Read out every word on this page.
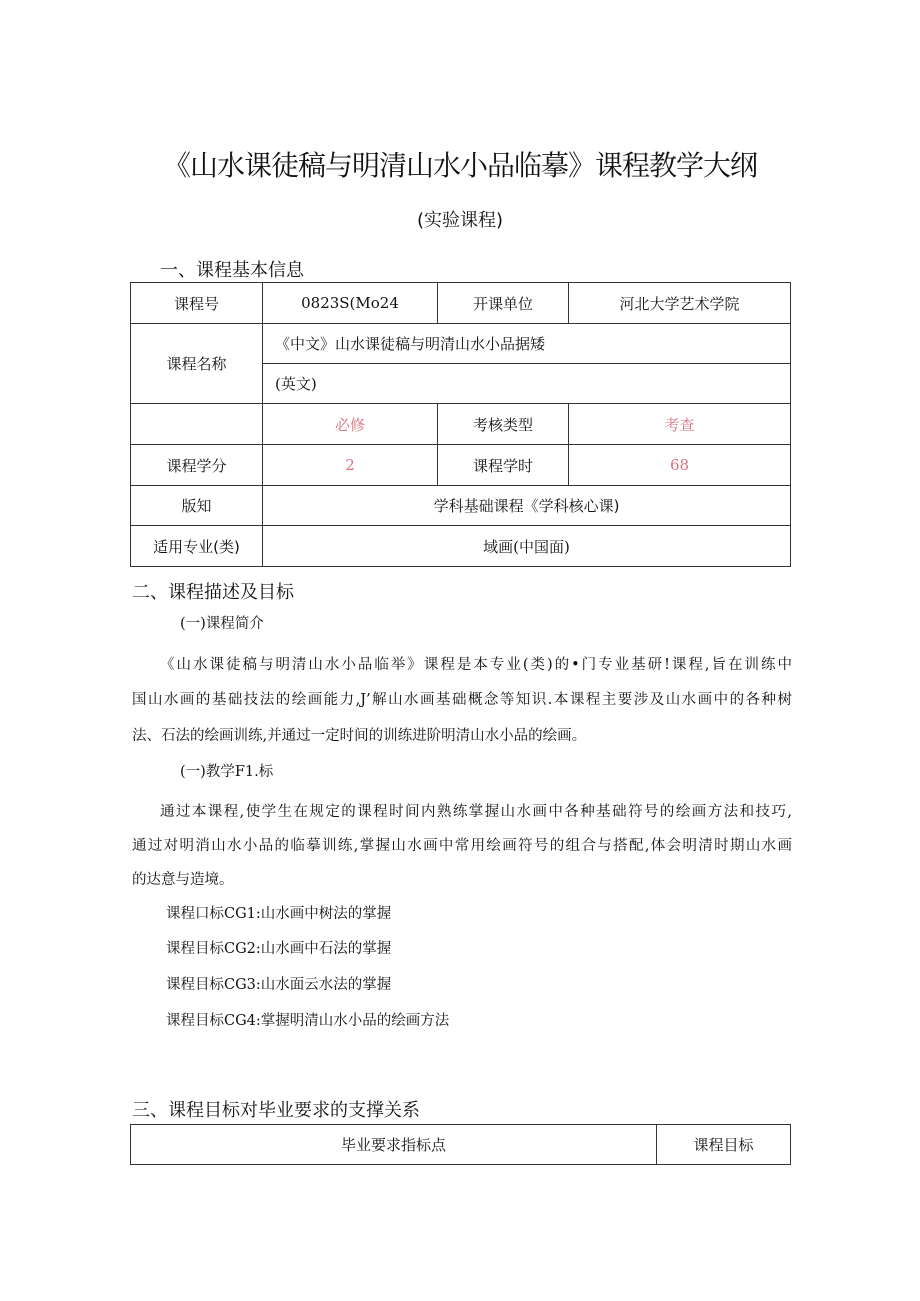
《山水课徒稿与明清山水小品临摹》课程教学大纲
(实验课程)
一、课程基本信息
课程号	0823S(Mo24	开课单位	河北大学艺术学院
课程名称	《中文》山水课徒稿与明清山水小品据矮		
	(英文)		
	必修	考核类型	考查
课程学分	2	课程学时	68
版知	学科基础课程《学科核心课)		
适用专业(类)	域画(中国面)		
二、课程描述及目标
(一)课程简介
《山水课徒稿与明清山水小品临举》课程是本专业(类)的•门专业基研!课程,旨在训练中
国山水画的基础技法的绘画能力,J’解山水画基础概念等知识.本课程主要涉及山水画中的各种树
法、石法的绘画训练,并通过一定时间的训练进阶明清山水小品的绘画。
(一)教学F1.标
通过本课程,使学生在规定的课程时间内熟练掌握山水画中各种基础符号的绘画方法和技巧,
通过对明消山水小品的临摹训练,掌握山水画中常用绘画符号的组合与搭配,体会明清时期山水画
的达意与造境。
课程口标CG1:山水画中树法的掌握
课程目标CG2:山水画中石法的掌握
课程目标CG3:山水面云水法的掌握
课程目标CG4:掌握明清山水小品的绘画方法
三、课程目标对毕业要求的支撑关系
毕业要求指标点	课程目标
